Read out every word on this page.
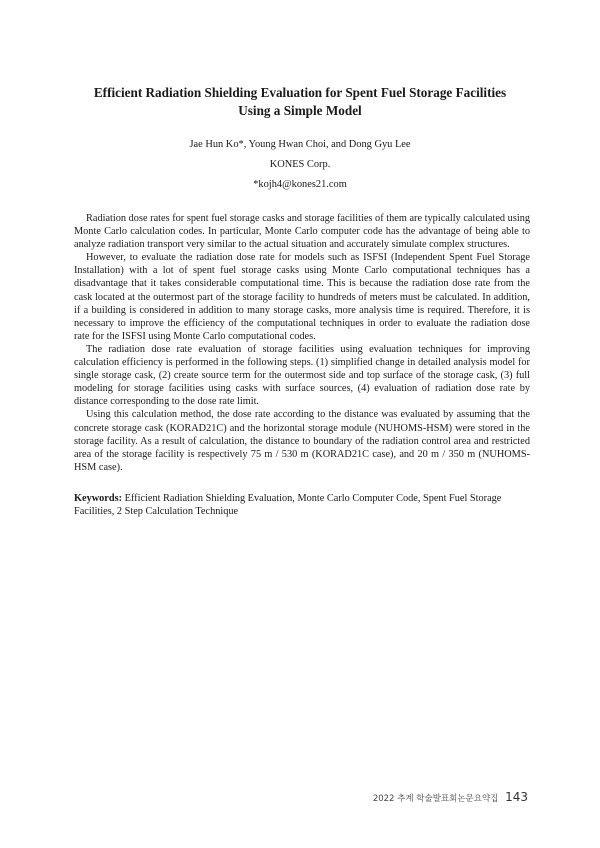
Efficient Radiation Shielding Evaluation for Spent Fuel Storage Facilities
Using a Simple Model
Jae Hun Ko*, Young Hwan Choi, and Dong Gyu Lee
KONES Corp.
*kojh4@kones21.com

Radiation dose rates for spent fuel storage casks and storage facilities of them are typically calculated using Monte Carlo calculation codes. In particular, Monte Carlo computer code has the advantage of being able to analyze radiation transport very similar to the actual situation and accurately simulate complex structures.

However, to evaluate the radiation dose rate for models such as ISFSI (Independent Spent Fuel Storage Installation) with a lot of spent fuel storage casks using Monte Carlo computational techniques has a disadvantage that it takes considerable computational time. This is because the radiation dose rate from the cask located at the outermost part of the storage facility to hundreds of meters must be calculated. In addition, if a building is considered in addition to many storage casks, more analysis time is required. Therefore, it is necessary to improve the efficiency of the computational techniques in order to evaluate the radiation dose rate for the ISFSI using Monte Carlo computational codes.

The radiation dose rate evaluation of storage facilities using evaluation techniques for improving calculation efficiency is performed in the following steps. (1) simplified change in detailed analysis model for single storage cask, (2) create source term for the outermost side and top surface of the storage cask, (3) full modeling for storage facilities using casks with surface sources, (4) evaluation of radiation dose rate by distance corresponding to the dose rate limit.

Using this calculation method, the dose rate according to the distance was evaluated by assuming that the concrete storage cask (KORAD21C) and the horizontal storage module (NUHOMS-HSM) were stored in the storage facility. As a result of calculation, the distance to boundary of the radiation control area and restricted area of the storage facility is respectively 75 m / 530 m (KORAD21C case), and 20 m / 350 m (NUHOMS-HSM case).

Keywords: Efficient Radiation Shielding Evaluation, Monte Carlo Computer Code, Spent Fuel Storage Facilities, 2 Step Calculation Technique
2022 추계 학술발표회논문요약집 143
